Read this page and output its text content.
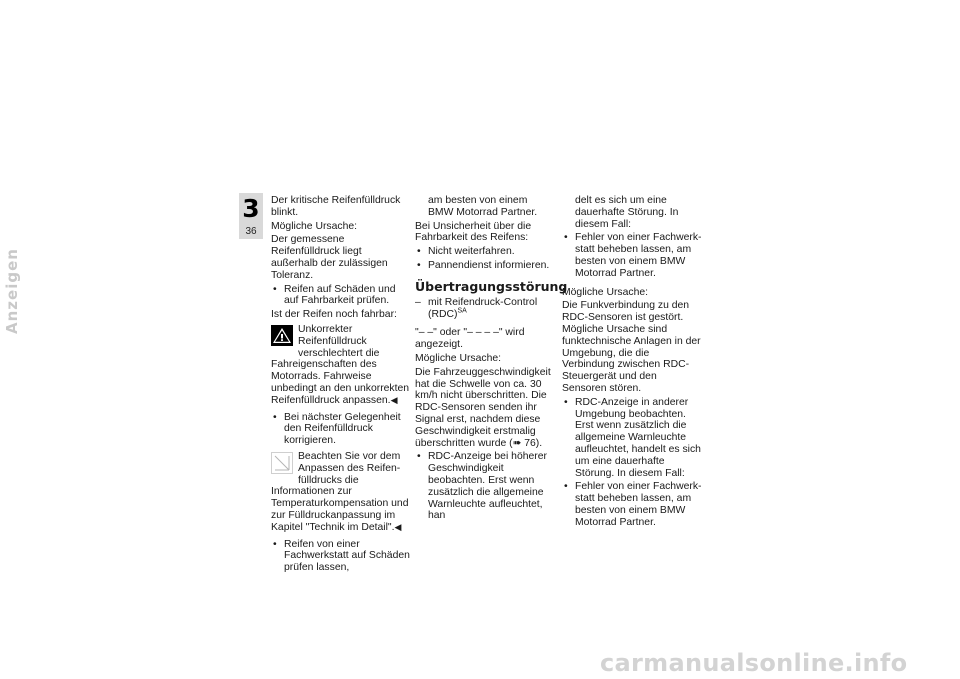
3
36
Anzeigen

Der kritische Reifenfülldruck blinkt.

Mögliche Ursache:

Der gemessene Reifenfülldruck liegt außerhalb der zulässigen Toleranz.

• Reifen auf Schäden und auf Fahrbarkeit prüfen.

Ist der Reifen noch fahrbar:

Unkorrekter Reifenfülldruck verschlechtert die Fahreigenschaften des Motorrads. Fahrweise unbedingt an den unkorrekten Reifenfülldruck anpassen.◀
• Bei nächster Gelegenheit den Reifenfülldruck korrigieren.
Beachten Sie vor dem Anpassen des Reifenfülldrucks die Informationen zur Temperaturkompensation und zur Fülldruckanpassung im Kapitel "Technik im Detail".◀
• Reifen von einer Fachwerkstatt auf Schäden prüfen lassen,
am besten von einem BMW Motorrad Partner.

Bei Unsicherheit über die Fahrbarkeit des Reifens:

• Nicht weiterfahren.
• Pannendienst informieren.
Übertragungsstörung
– mit Reifendruck-Control (RDC)$^{SA}$

"– –" oder "– – – –" wird angezeigt.

Mögliche Ursache:

Die Fahrzeuggeschwindigkeit hat die Schwelle von ca. 30 km/h nicht überschritten. Die RDC-Sensoren senden ihr Signal erst, nachdem diese Geschwindigkeit erstmalig überschritten wurde (➠ 76).

• RDC-Anzeige bei höherer Geschwindigkeit beobachten. Erst wenn zusätzlich die allgemeine Warnleuchte aufleuchtet, han
delt es sich um eine dauerhafte Störung. In diesem Fall:
• Fehler von einer Fachwerkstatt beheben lassen, am besten von einem BMW Motorrad Partner.

Mögliche Ursache:

Die Funkverbindung zu den RDC-Sensoren ist gestört. Mögliche Ursache sind funktechnische Anlagen in der Umgebung, die die Verbindung zwischen RDC-Steuergerät und den Sensoren stören.

• RDC-Anzeige in anderer Umgebung beobachten. Erst wenn zusätzlich die allgemeine Warnleuchte aufleuchtet, handelt es sich um eine dauerhafte Störung. In diesem Fall:
• Fehler von einer Fachwerkstatt beheben lassen, am besten von einem BMW Motorrad Partner.
carmanualsonline.info
